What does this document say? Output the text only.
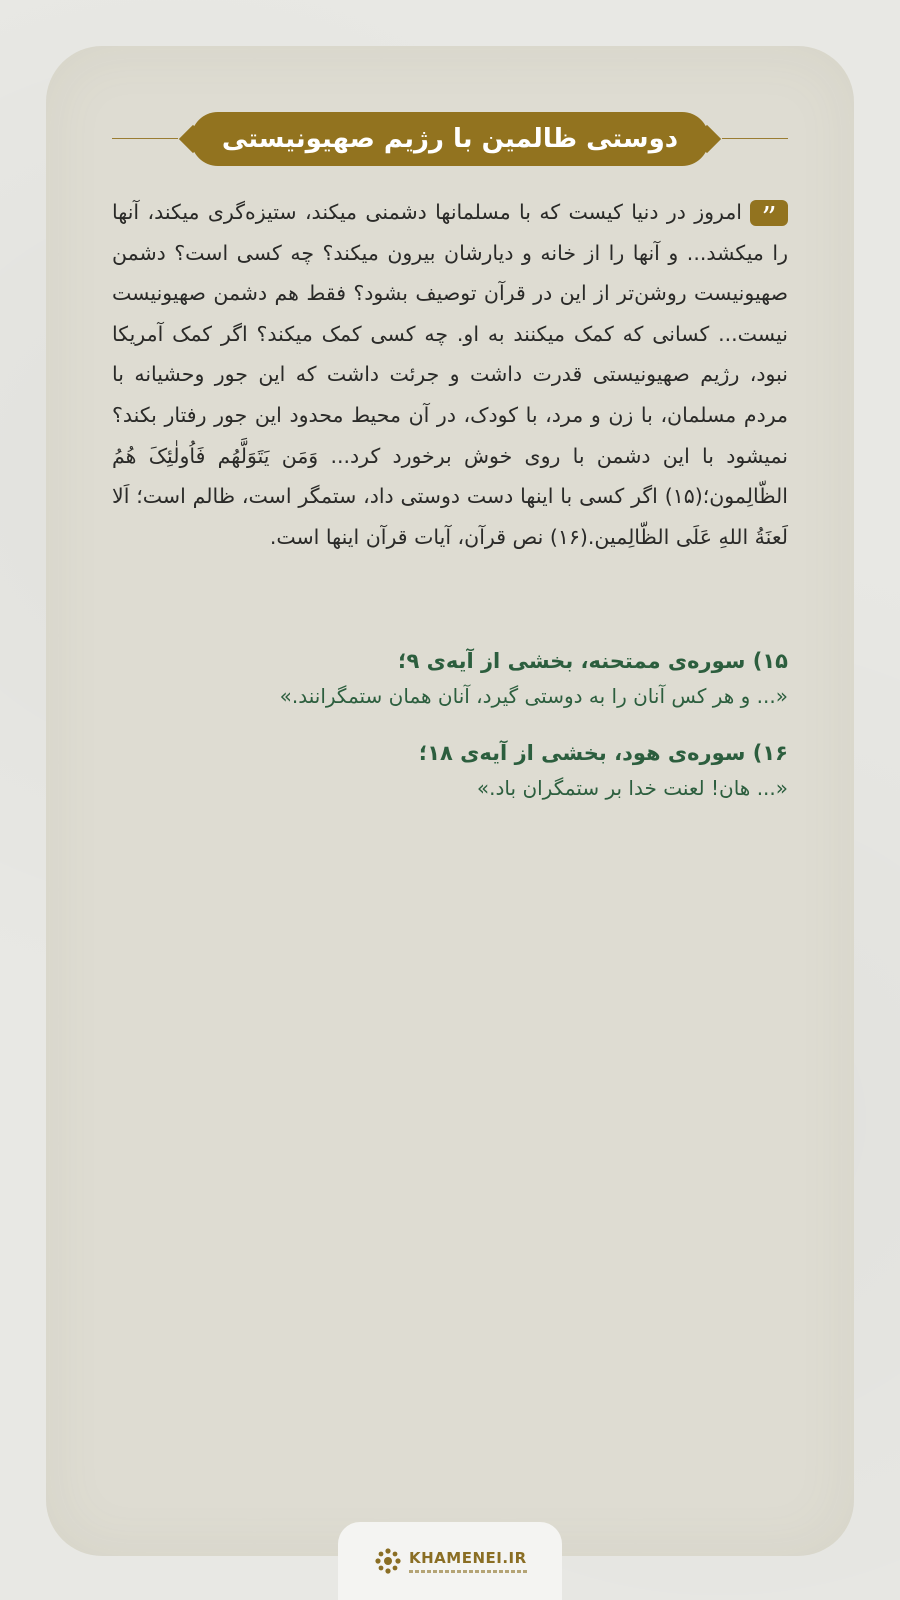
دوستی ظالمین با رژیم صهیونیستی
”امروز در دنیا کیست که با مسلمانها دشمنی میکند، ستیزه‌گری میکند، آنها را میکشد... و آنها را از خانه و دیارشان بیرون میکند؟ چه کسی است؟ دشمن صهیونیست روشن‌تر از این در قرآن توصیف بشود؟ فقط هم دشمن صهیونیست نیست... کسانی که کمک میکنند به او. چه کسی کمک میکند؟ اگر کمک آمریکا نبود، رژیم صهیونیستی قدرت داشت و جرئت داشت که این جور وحشیانه با مردم مسلمان، با زن و مرد، با کودک، در آن محیط محدود این جور رفتار بکند؟ نمیشود با این دشمن با روی خوش برخورد کرد... وَمَن یَتَوَلَّهُم فَاُولٰئِکَ هُمُ الظّالِمون؛(۱۵) اگر کسی با اینها دست دوستی داد، ستمگر است، ظالم است؛ اَلا لَعنَةُ اللهِ عَلَی الظّالِمین.(۱۶) نص قرآن، آیات قرآن اینها است.
۱۵) سوره‌ی ممتحنه، بخشی از آیه‌ی ۹؛
«... و هر کس آنان را به دوستی گیرد، آنان همان ستمگرانند.»
۱۶) سوره‌ی هود، بخشی از آیه‌ی ۱۸؛
«... هان! لعنت خدا بر ستمگران باد.»
KHAMENEI.IR
